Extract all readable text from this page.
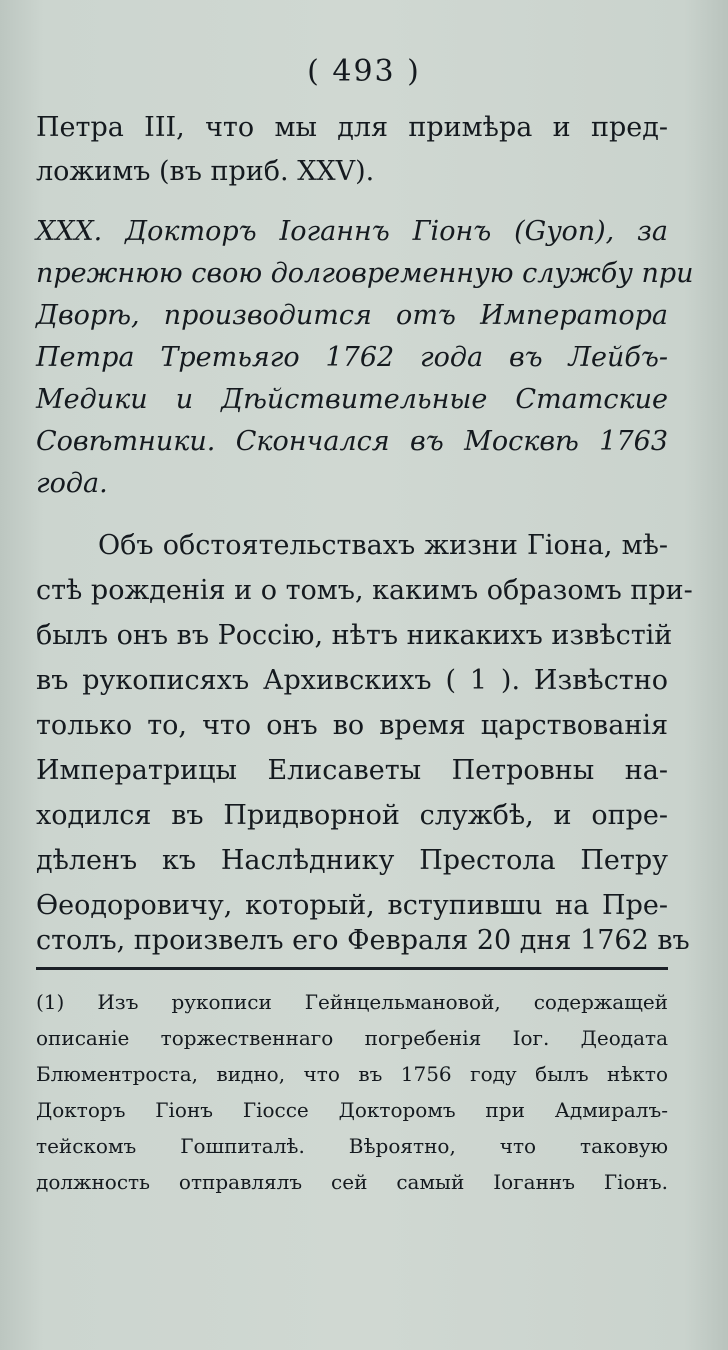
( 493 )
Петра III, что мы для примѣра и пред-
ложимъ (въ приб. XXV).
XXX. Докторъ Іоганнъ Гіонъ (Gyon), за
прежнюю свою долговременную службу при
Дворѣ, производится отъ Императора
Петра Третьяго 1762 года въ Лейбъ-
Медики и Дѣйствительные Статские
Совѣтники. Скончался въ Москвѣ 1763
года.
Объ обстоятельствахъ жизни Гіона, мѣ-
стѣ рожденія и о томъ, какимъ образомъ при-
былъ онъ въ Россію, нѣтъ никакихъ извѣстій
въ рукописяхъ Архивскихъ ( 1 ). Извѣстно
только то, что онъ во время царствованія
Императрицы Елисаветы Петровны на-
ходился въ Придворной службѣ, и опре-
дѣленъ къ Наслѣднику Престола Петру
Ѳеодоровичу, который, вступившu на Пре-
столъ, произвелъ его Февраля 20 дня 1762 въ
(1) Изъ рукописи Гейнцельмановой, содержащей
описаніе торжественнаго погребенія Іог. Деодата
Блюментроста, видно, что въ 1756 году былъ нѣкто
Докторъ Гіонъ Гіоссе Докторомъ при Адмиралъ-
тейскомъ Гошпиталѣ. Вѣроятно, что таковую
должность отправлялъ сей самый Іоганнъ Гіонъ.
